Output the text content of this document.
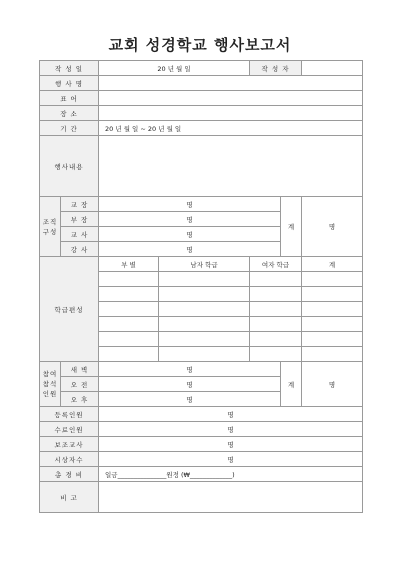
교회 성경학교 행사보고서
작 성 일		20 년 월 일		작 성 자		
행 사 명						
표 어						
장 소						
기 간		20 년 월 일 ~ 20 년 월 일				
행사내용						
조직
구성	교 장	명			계	명
	부 장	명				
	교 사	명				
	강 사	명				
학급편성		부 별	남자 학급	여자 학급		계

참여
참석
인원	새 벽	명			계	명
	오 전	명				
	오 후	명				
등록인원		명				
수료인원		명				
보조교사		명				
시상자수		명				
총 경 비		일금_______________원정 (₩_____________)				
비 고						
